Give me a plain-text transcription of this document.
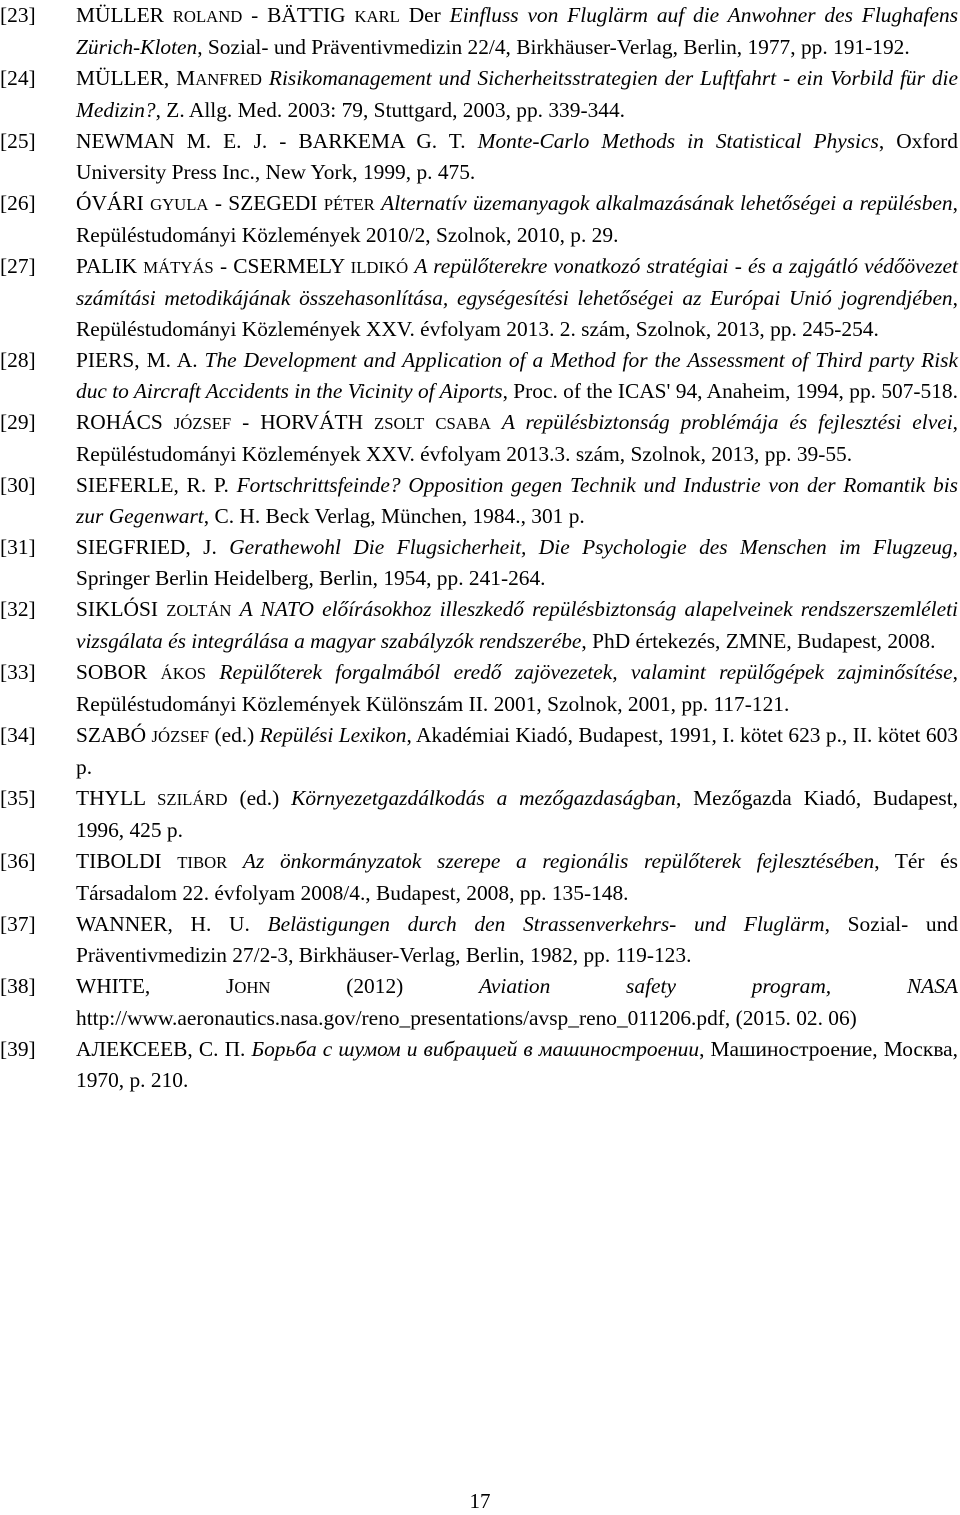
[23] MÜLLER ROLAND - BÄTTIG KARL Der Einfluss von Fluglärm auf die Anwohner des Flughafens Zürich-Kloten, Sozial- und Präventivmedizin 22/4, Birkhäuser-Verlag, Berlin, 1977, pp. 191-192.
[24] MÜLLER, MANFRED Risikomanagement und Sicherheitsstrategien der Luftfahrt - ein Vorbild für die Medizin?, Z. Allg. Med. 2003: 79, Stuttgard, 2003, pp. 339-344.
[25] NEWMAN M. E. J. - BARKEMA G. T. Monte-Carlo Methods in Statistical Physics, Oxford University Press Inc., New York, 1999, p. 475.
[26] ÓVÁRI GYULA - SZEGEDI PÉTER Alternatív üzemanyagok alkalmazásának lehetőségei a repülésben, Repüléstudományi Közlemények 2010/2, Szolnok, 2010, p. 29.
[27] PALIK MÁTYÁS - CSERMELY ILDIKÓ A repülőterekre vonatkozó stratégiai - és a zajgátló védőövezet számítási metodikájának összehasonlítása, egységesítési lehetőségei az Európai Unió jogrendjében, Repüléstudományi Közlemények XXV. évfolyam 2013. 2. szám, Szolnok, 2013, pp. 245-254.
[28] PIERS, M. A. The Development and Application of a Method for the Assessment of Third party Risk duc to Aircraft Accidents in the Vicinity of Aiports, Proc. of the ICAS' 94, Anaheim, 1994, pp. 507-518.
[29] ROHÁCS JÓZSEF - HORVÁTH ZSOLT CSABA A repülésbiztonság problémája és fejlesztési elvei, Repüléstudományi Közlemények XXV. évfolyam 2013.3. szám, Szolnok, 2013, pp. 39-55.
[30] SIEFERLE, R. P. Fortschrittsfeinde? Opposition gegen Technik und Industrie von der Romantik bis zur Gegenwart, C. H. Beck Verlag, München, 1984., 301 p.
[31] SIEGFRIED, J. Gerathewohl Die Flugsicherheit, Die Psychologie des Menschen im Flugzeug, Springer Berlin Heidelberg, Berlin, 1954, pp. 241-264.
[32] SIKLÓSI ZOLTÁN A NATO előírásokhoz illeszkedő repülésbiztonság alapelveinek rendszerszemléleti vizsgálata és integrálása a magyar szabályzók rendszerébe, PhD értekezés, ZMNE, Budapest, 2008.
[33] SOBOR ÁKOS Repülőterek forgalmából eredő zajövezetek, valamint repülőgépek zajminősítése, Repüléstudományi Közlemények Különszám II. 2001, Szolnok, 2001, pp. 117-121.
[34] SZABÓ JÓZSEF (ed.) Repülési Lexikon, Akadémiai Kiadó, Budapest, 1991, I. kötet 623 p., II. kötet 603 p.
[35] THYLL SZILÁRD (ed.) Környezetgazdálkodás a mezőgazdaságban, Mezőgazda Kiadó, Budapest, 1996, 425 p.
[36] TIBOLDI TIBOR Az önkormányzatok szerepe a regionális repülőterek fejlesztésében, Tér és Társadalom 22. évfolyam 2008/4., Budapest, 2008, pp. 135-148.
[37] WANNER, H. U. Belästigungen durch den Strassenverkehrs- und Fluglärm, Sozial- und Präventivmedizin 27/2-3, Birkhäuser-Verlag, Berlin, 1982, pp. 119-123.
[38] WHITE, JOHN (2012) Aviation safety program, NASA http://www.aeronautics.nasa.gov/reno_presentations/avsp_reno_011206.pdf, (2015. 02. 06)
[39] АЛЕКСЕЕВ, С. П. Борьба с шумом и вибрацией в машиностроении, Машиностроение, Москва, 1970, p. 210.
17
